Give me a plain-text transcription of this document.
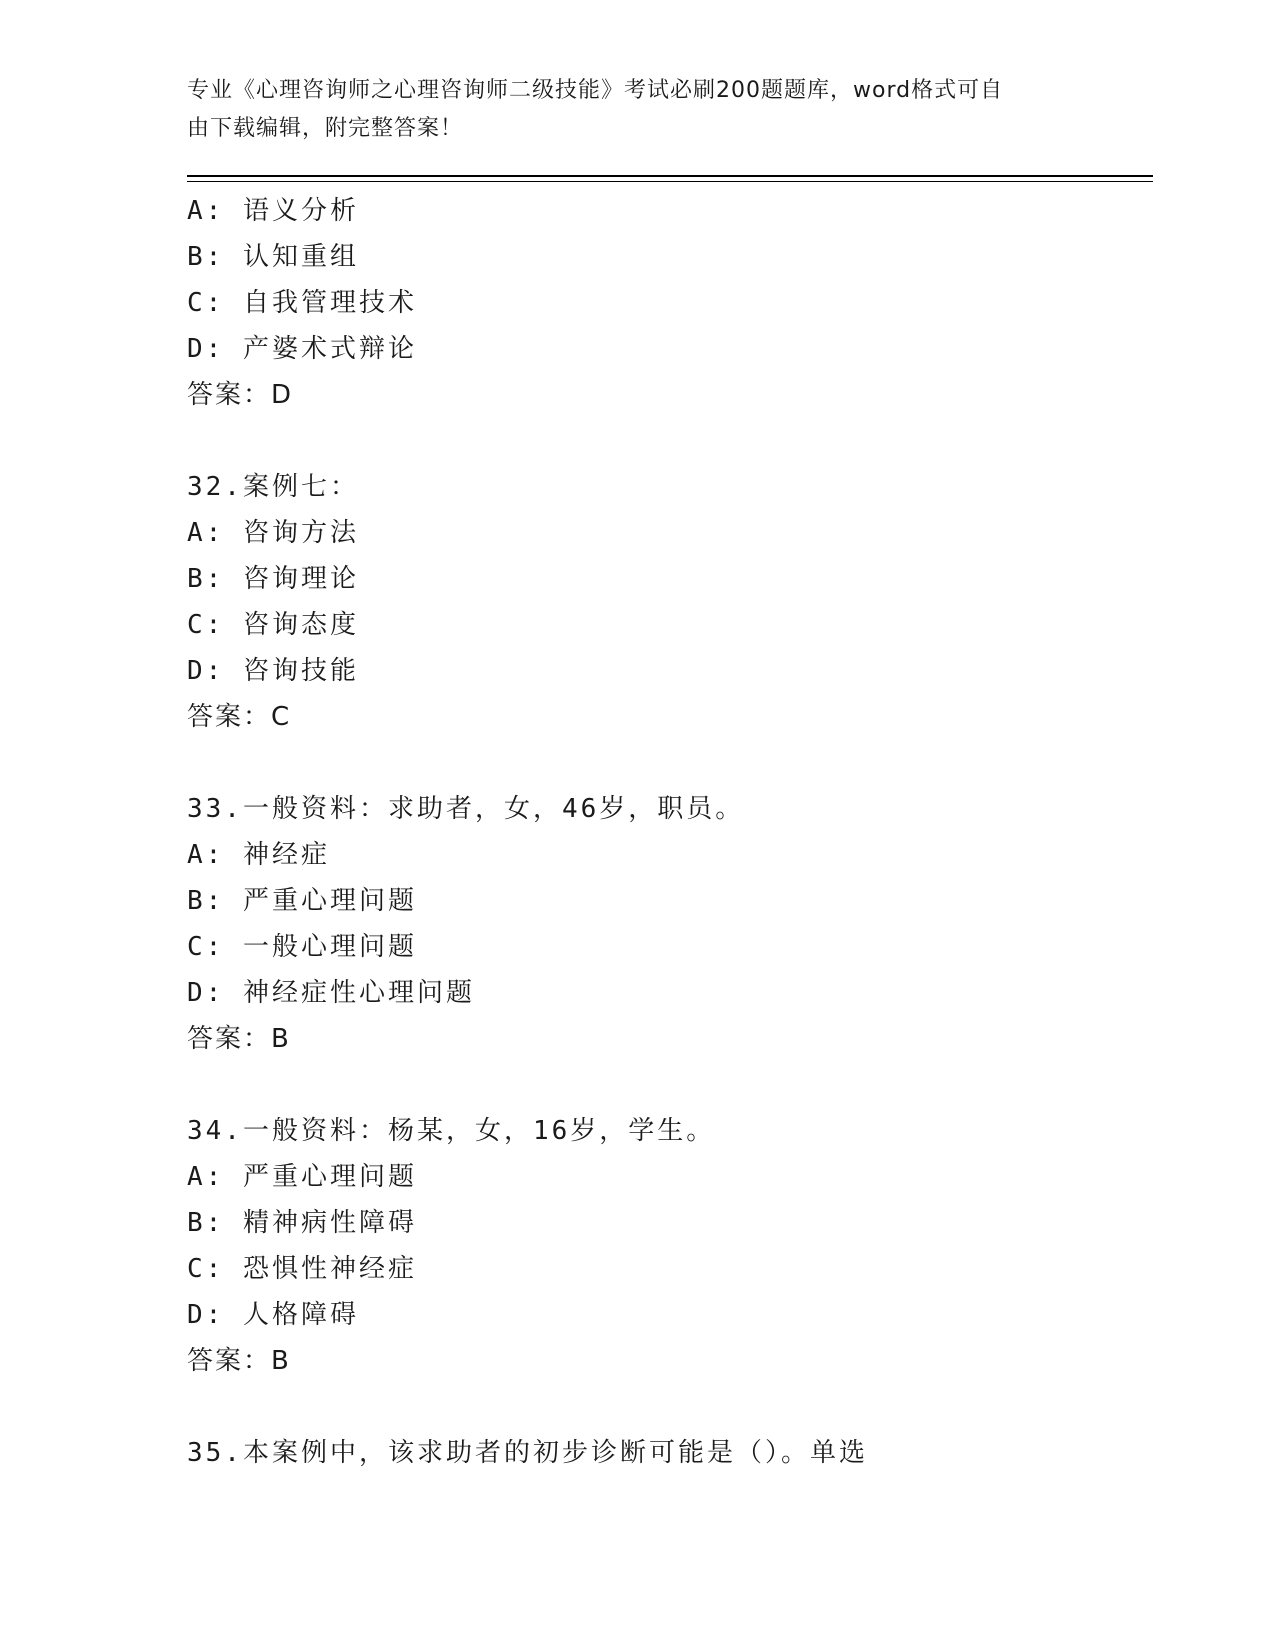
专业《心理咨询师之心理咨询师二级技能》考试必刷200题题库，word格式可自
由下载编辑，附完整答案！
A: 语义分析
B: 认知重组
C: 自我管理技术
D: 产婆术式辩论
答案：D
32.案例七：
A: 咨询方法
B: 咨询理论
C: 咨询态度
D: 咨询技能
答案：C
33.一般资料：求助者，女，46岁，职员。
A: 神经症
B: 严重心理问题
C: 一般心理问题
D: 神经症性心理问题
答案：B
34.一般资料：杨某，女，16岁，学生。
A: 严重心理问题
B: 精神病性障碍
C: 恐惧性神经症
D: 人格障碍
答案：B
35.本案例中，该求助者的初步诊断可能是（）。单选
